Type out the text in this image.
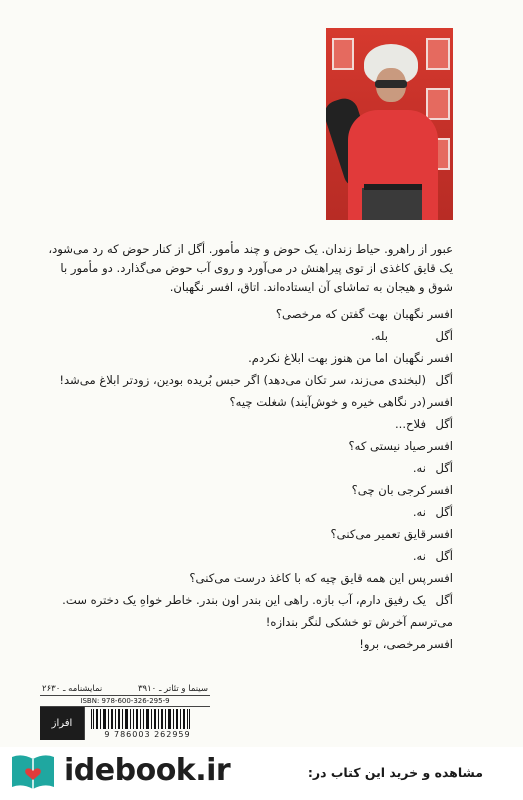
عبور از راهرو. حیاط زندان. یک حوض و چند مأمور. أگل از کنار حوض که رد می‌شود،
یک قایق کاغذی از توی پیراهنش در می‌آورد و روی آب حوض می‌گذارد. دو مأمور با
شوق و هیجان به تماشای آن ایستاده‌اند. اتاق، افسر نگهبان.
افسر نگهبان
بهت گفتن که مرخصی؟
أگل
بله.
افسر نگهبان
اما من هنوز بهت ابلاغ نکردم.
أگل
(لبخندی می‌زند، سر تکان می‌دهد) اگر حبس بُریده بودین، زودتر ابلاغ می‌شد!
افسر
(در نگاهی خیره و خوش‌آیند) شغلت چیه؟
أگل
فلاح...
افسر
صیاد نیستی که؟
أگل
نه.
افسر
کرجی بان چی؟
أگل
نه.
افسر
قایق تعمیر می‌کنی؟
أگل
نه.
افسر
پس این همه قایق چیه که با کاغذ درست می‌کنی؟
أگل
یک رفیق دارم، آب بازه. راهی این بندر اون بندر. خاطر خواهِ یک دختره ست.
می‌ترسم آخرش تو خشکی لنگر بندازه!
افسر
مرخصی، برو!
سینما و تئاتر ـ ۳۹۱۰
نمایشنامه ـ ۲۶۳۰
ISBN: 978-600-326-295-9
افراز
9 786003 262959
idebook.ir	مشاهده و خرید این کتاب در:
